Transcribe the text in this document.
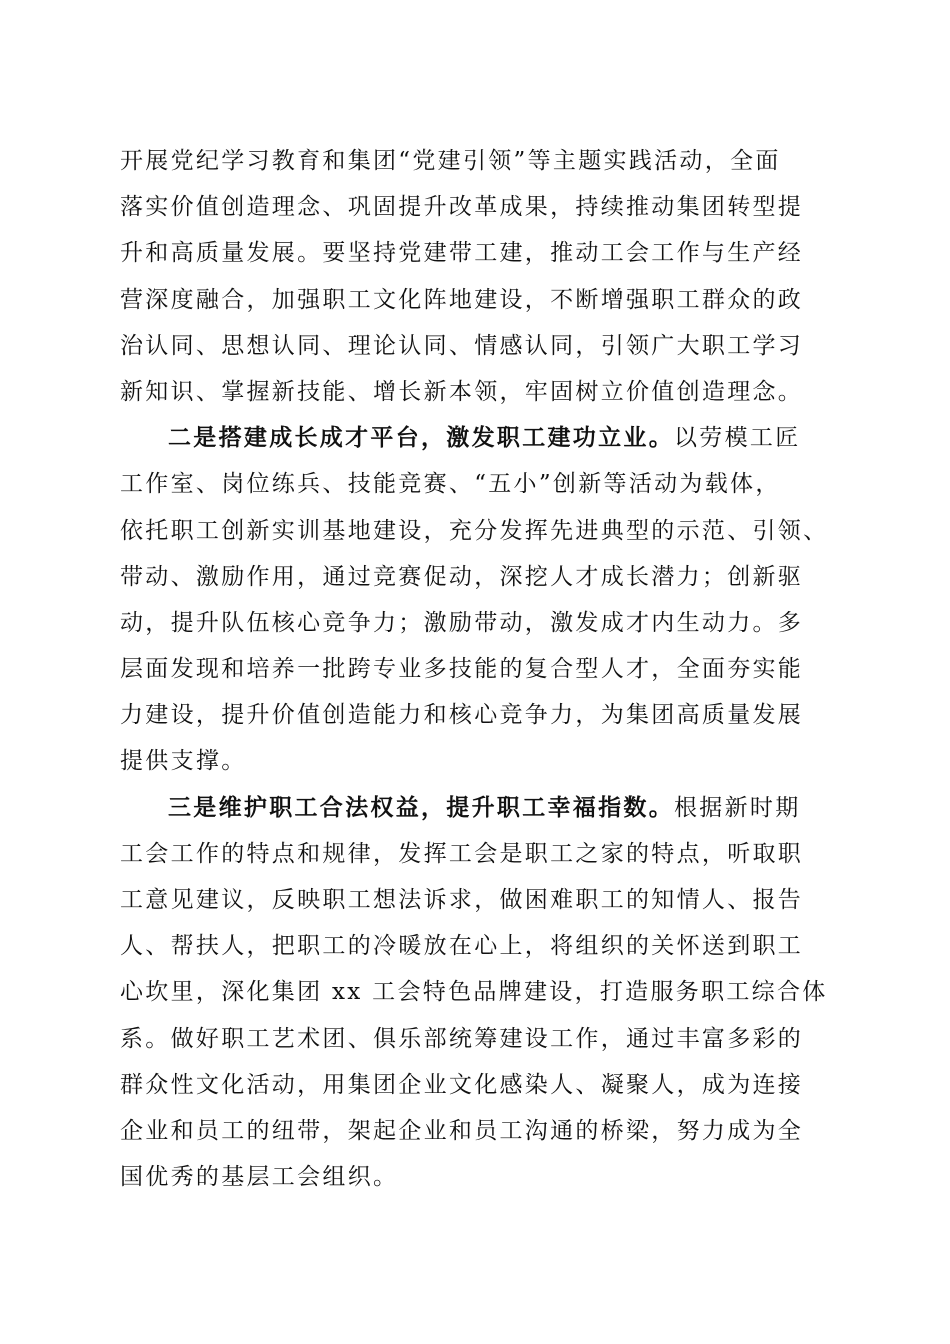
开展党纪学习教育和集团“党建引领”等主题实践活动，全面
落实价值创造理念、巩固提升改革成果，持续推动集团转型提
升和高质量发展。要坚持党建带工建，推动工会工作与生产经
营深度融合，加强职工文化阵地建设，不断增强职工群众的政
治认同、思想认同、理论认同、情感认同，引领广大职工学习
新知识、掌握新技能、增长新本领，牢固树立价值创造理念。
二是搭建成长成才平台，激发职工建功立业。以劳模工匠
工作室、岗位练兵、技能竞赛、“五小”创新等活动为载体，
依托职工创新实训基地建设，充分发挥先进典型的示范、引领、
带动、激励作用，通过竞赛促动，深挖人才成长潜力；创新驱
动，提升队伍核心竞争力；激励带动，激发成才内生动力。多
层面发现和培养一批跨专业多技能的复合型人才，全面夯实能
力建设，提升价值创造能力和核心竞争力，为集团高质量发展
提供支撑。
三是维护职工合法权益，提升职工幸福指数。根据新时期
工会工作的特点和规律，发挥工会是职工之家的特点，听取职
工意见建议，反映职工想法诉求，做困难职工的知情人、报告
人、帮扶人，把职工的冷暖放在心上，将组织的关怀送到职工
心坎里，深化集团 xx 工会特色品牌建设，打造服务职工综合体
系。做好职工艺术团、俱乐部统筹建设工作，通过丰富多彩的
群众性文化活动，用集团企业文化感染人、凝聚人，成为连接
企业和员工的纽带，架起企业和员工沟通的桥梁，努力成为全
国优秀的基层工会组织。
